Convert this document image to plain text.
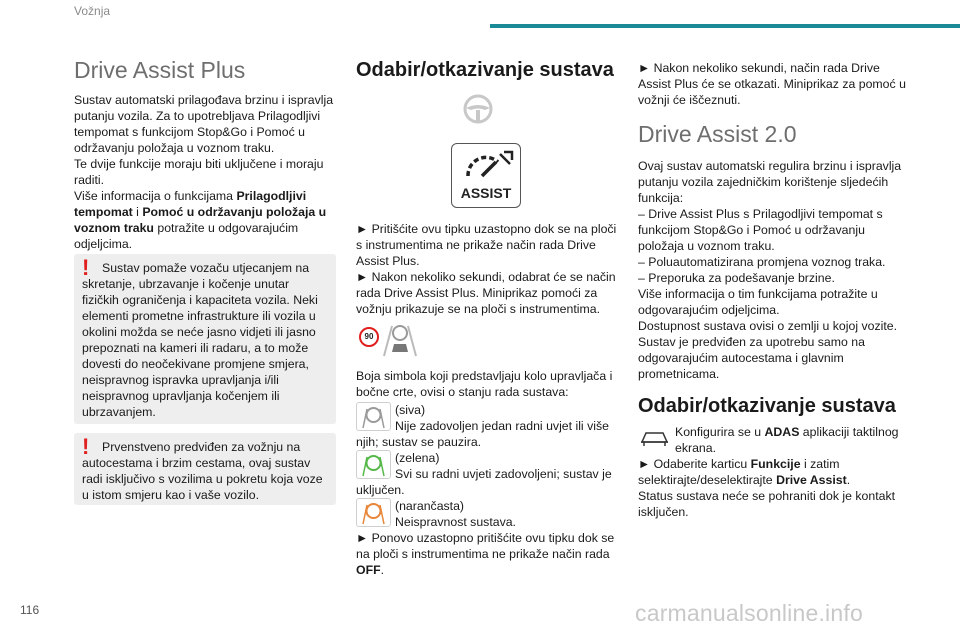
Vožnja
Drive Assist Plus

Sustav automatski prilagođava brzinu i ispravlja putanju vozila. Za to upotrebljava Prilagodljivi tempomat s funkcijom Stop&Go i Pomoć u održavanju položaja u voznom traku.

Te dvije funkcije moraju biti uključene i moraju raditi.

Više informacija o funkcijama Prilagodljivi tempomat i Pomoć u održavanju položaja u voznom traku potražite u odgovarajućim odjeljcima.

!	Sustav pomaže vozaču utjecanjem na skretanje, ubrzavanje i kočenje unutar fizičkih ograničenja i kapaciteta vozila. Neki elementi prometne infrastrukture ili vozila u okolini možda se neće jasno vidjeti ili jasno prepoznati na kameri ili radaru, a to može dovesti do neočekivane promjene smjera, neispravnog ispravka upravljanja i/ili neispravnog upravljanja kočenjem ili ubrzavanjem.

!	Prvenstveno predviđen za vožnju na autocestama i brzim cestama, ovaj sustav radi isključivo s vozilima u pokretu koja voze u istom smjeru kao i vaše vozilo.

Odabir/otkazivanje sustava
ASSIST

► Pritišćite ovu tipku uzastopno dok se na ploči s instrumentima ne prikaže način rada Drive Assist Plus.

► Nakon nekoliko sekundi, odabrat će se način rada Drive Assist Plus. Miniprikaz pomoći za vožnju prikazuje se na ploči s instrumentima.

90

Boja simbola koji predstavljaju kolo upravljača i bočne crte, ovisi o stanju rada sustava:

(siva)

Nije zadovoljen jedan radni uvjet ili više njih; sustav se pauzira.

(zelena)

Svi su radni uvjeti zadovoljeni; sustav je uključen.

(narančasta)

Neispravnost sustava.

► Ponovo uzastopno pritišćite ovu tipku dok se na ploči s instrumentima ne prikaže način rada OFF.

► Nakon nekoliko sekundi, način rada Drive Assist Plus će se otkazati. Miniprikaz za pomoć u vožnji će iščeznuti.

Drive Assist 2.0

Ovaj sustav automatski regulira brzinu i ispravlja putanju vozila zajedničkim korištenje sljedećih funkcija:

– Drive Assist Plus s Prilagodljivi tempomat s funkcijom Stop&Go i Pomoć u održavanju položaja u voznom traku.

– Poluautomatizirana promjena voznog traka.

– Preporuka za podešavanje brzine.

Više informacija o tim funkcijama potražite u odgovarajućim odjeljcima.

Dostupnost sustava ovisi o zemlji u kojoj vozite.

Sustav je predviđen za upotrebu samo na odgovarajućim autocestama i glavnim prometnicama.

Odabir/otkazivanje sustava

Konfigurira se u ADAS aplikaciji taktilnog ekrana.

► Odaberite karticu Funkcije i zatim selektirajte/deselektirajte Drive Assist.

Status sustava neće se pohraniti dok je kontakt isključen.

116	carmanualsonline.info
